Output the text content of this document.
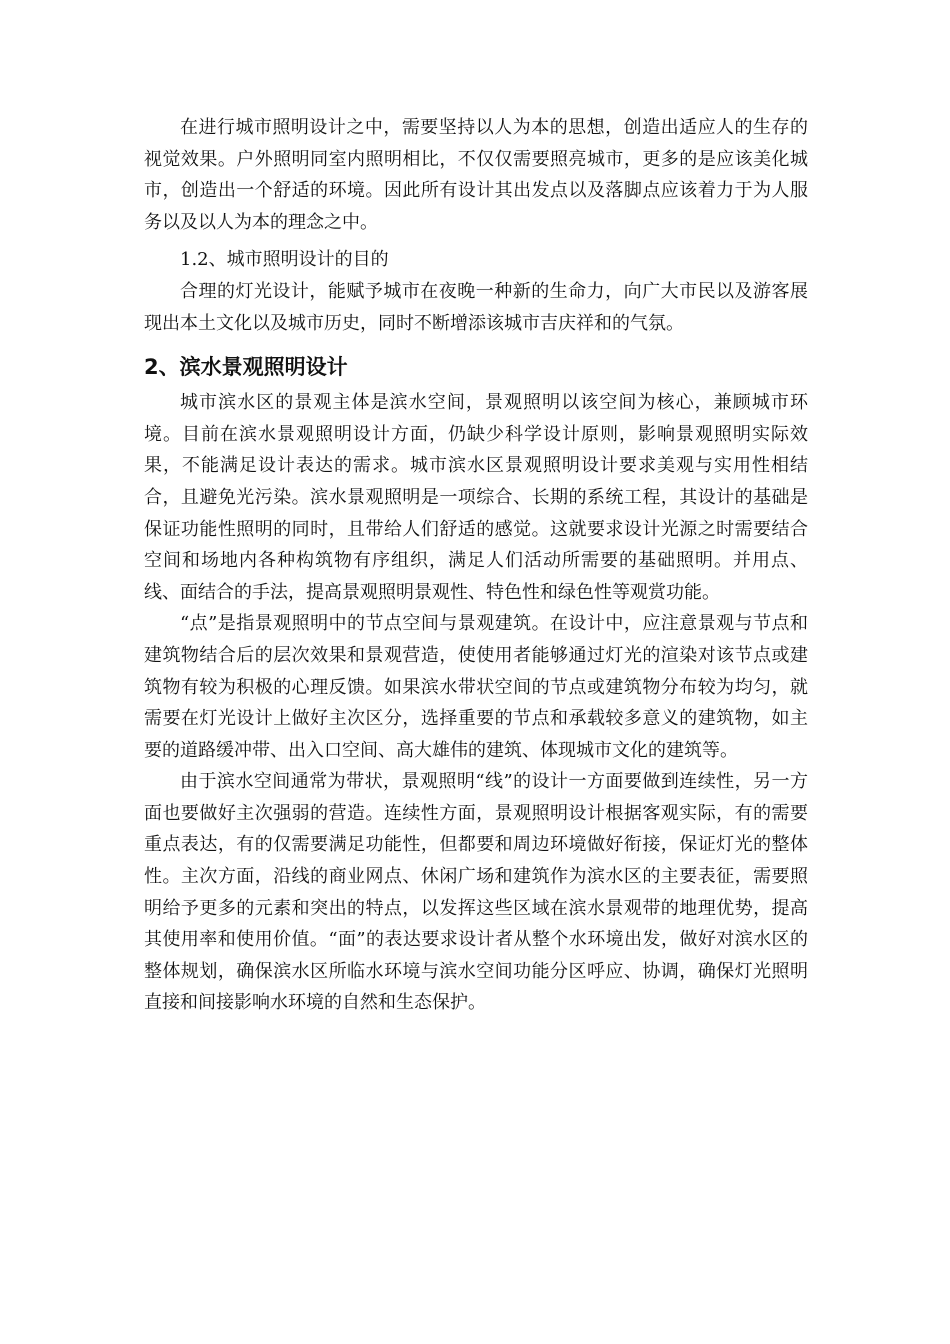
在进行城市照明设计之中，需要坚持以人为本的思想，创造出适应人的生存的视觉效果。户外照明同室内照明相比，不仅仅需要照亮城市，更多的是应该美化城市，创造出一个舒适的环境。因此所有设计其出发点以及落脚点应该着力于为人服务以及以人为本的理念之中。

1.2、城市照明设计的目的

合理的灯光设计，能赋予城市在夜晚一种新的生命力，向广大市民以及游客展现出本土文化以及城市历史，同时不断增添该城市吉庆祥和的气氛。

2、滨水景观照明设计

城市滨水区的景观主体是滨水空间，景观照明以该空间为核心，兼顾城市环境。目前在滨水景观照明设计方面，仍缺少科学设计原则，影响景观照明实际效果，不能满足设计表达的需求。城市滨水区景观照明设计要求美观与实用性相结合，且避免光污染。滨水景观照明是一项综合、长期的系统工程，其设计的基础是保证功能性照明的同时，且带给人们舒适的感觉。这就要求设计光源之时需要结合空间和场地内各种构筑物有序组织，满足人们活动所需要的基础照明。并用点、线、面结合的手法，提高景观照明景观性、特色性和绿色性等观赏功能。

“点”是指景观照明中的节点空间与景观建筑。在设计中，应注意景观与节点和建筑物结合后的层次效果和景观营造，使使用者能够通过灯光的渲染对该节点或建筑物有较为积极的心理反馈。如果滨水带状空间的节点或建筑物分布较为均匀，就需要在灯光设计上做好主次区分，选择重要的节点和承载较多意义的建筑物，如主要的道路缓冲带、出入口空间、高大雄伟的建筑、体现城市文化的建筑等。

由于滨水空间通常为带状，景观照明“线”的设计一方面要做到连续性，另一方面也要做好主次强弱的营造。连续性方面，景观照明设计根据客观实际，有的需要重点表达，有的仅需要满足功能性，但都要和周边环境做好衔接，保证灯光的整体性。主次方面，沿线的商业网点、休闲广场和建筑作为滨水区的主要表征，需要照明给予更多的元素和突出的特点，以发挥这些区域在滨水景观带的地理优势，提高其使用率和使用价值。“面”的表达要求设计者从整个水环境出发，做好对滨水区的整体规划，确保滨水区所临水环境与滨水空间功能分区呼应、协调，确保灯光照明直接和间接影响水环境的自然和生态保护。
